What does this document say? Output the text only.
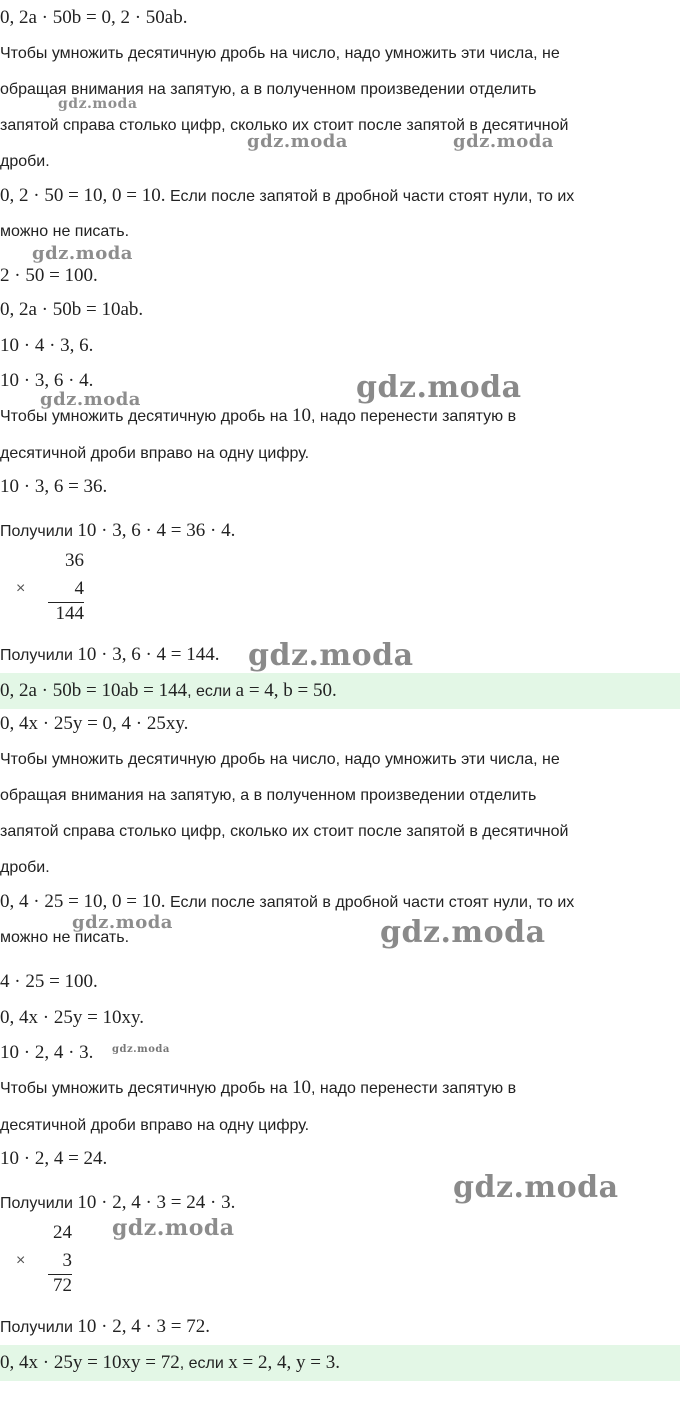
0, 2a · 50b = 0, 2 · 50ab.
Чтобы умножить десятичную дробь на число, надо умножить эти числа, не
обращая внимания на запятую, а в полученном произведении отделить
запятой справа столько цифр, сколько их стоит после запятой в десятичной
дроби.
0, 2 · 50 = 10, 0 = 10. Если после запятой в дробной части стоят нули, то их
можно не писать.
2 · 50 = 100.
0, 2a · 50b = 10ab.
10 · 4 · 3, 6.
10 · 3, 6 · 4.
Чтобы умножить десятичную дробь на 10, надо перенести запятую в
десятичной дроби вправо на одну цифру.
10 · 3, 6 = 36.
Получили 10 · 3, 6 · 4 = 36 · 4.
Получили 10 · 3, 6 · 4 = 144.
0, 2a · 50b = 10ab = 144, если a = 4, b = 50.
0, 4x · 25y = 0, 4 · 25xy.
Чтобы умножить десятичную дробь на число, надо умножить эти числа, не
обращая внимания на запятую, а в полученном произведении отделить
запятой справа столько цифр, сколько их стоит после запятой в десятичной
дроби.
0, 4 · 25 = 10, 0 = 10. Если после запятой в дробной части стоят нули, то их
можно не писать.
4 · 25 = 100.
0, 4x · 25y = 10xy.
10 · 2, 4 · 3.
Чтобы умножить десятичную дробь на 10, надо перенести запятую в
десятичной дроби вправо на одну цифру.
10 · 2, 4 = 24.
Получили 10 · 2, 4 · 3 = 24 · 3.
Получили 10 · 2, 4 · 3 = 72.
0, 4x · 25y = 10xy = 72, если x = 2, 4, y = 3.
36
×	4
144
24
× 3
72
gdz.moda
gdz.moda	gdz.moda
gdz.moda
gdz.moda
gdz.moda
gdz.moda
gdz.moda	gdz.moda
gdz.moda
gdz.moda
gdz.moda
